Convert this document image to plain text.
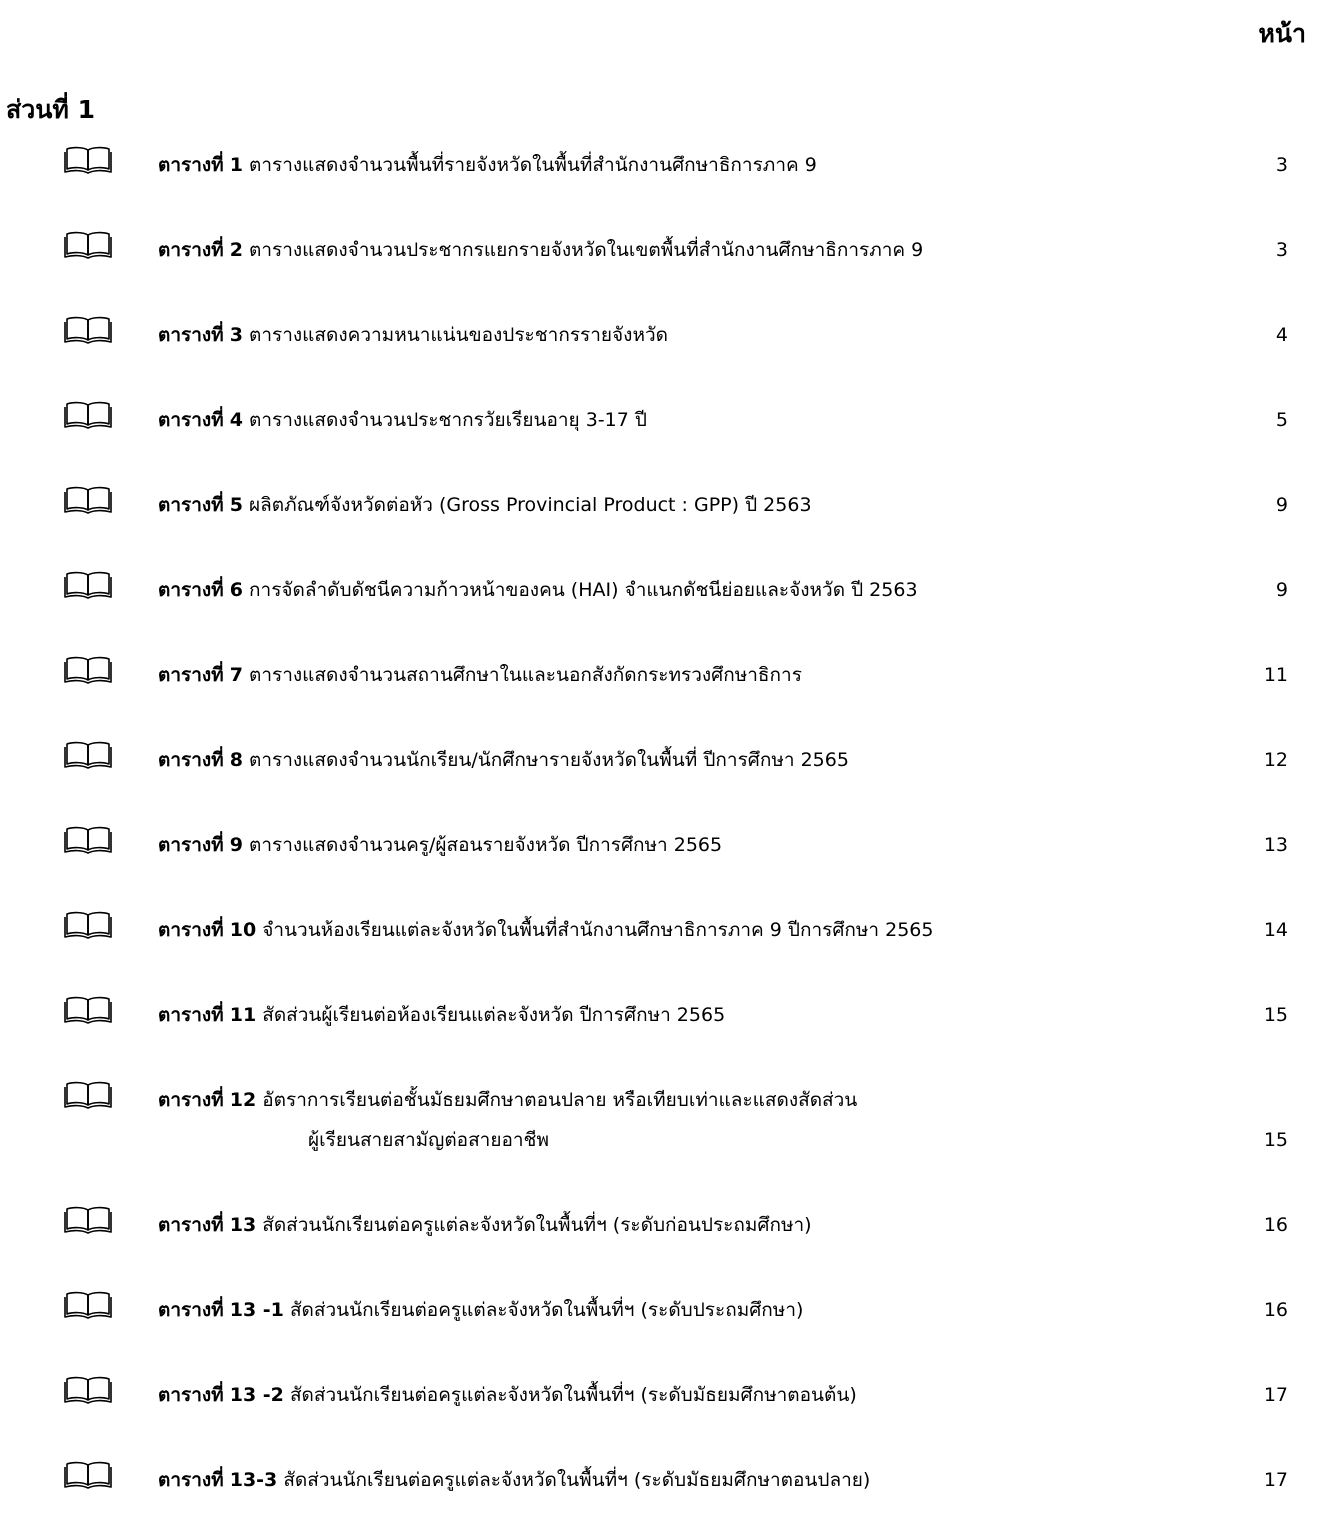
หน้า
ส่วนที่ 1
ตารางที่ 1 ตารางแสดงจำนวนพื้นที่รายจังหวัดในพื้นที่สำนักงานศึกษาธิการภาค 9	3
ตารางที่ 2 ตารางแสดงจำนวนประชากรแยกรายจังหวัดในเขตพื้นที่สำนักงานศึกษาธิการภาค 9	3
ตารางที่ 3 ตารางแสดงความหนาแน่นของประชากรรายจังหวัด	4
ตารางที่ 4 ตารางแสดงจำนวนประชากรวัยเรียนอายุ 3-17 ปี	5
ตารางที่ 5 ผลิตภัณฑ์จังหวัดต่อหัว (Gross Provincial Product : GPP) ปี 2563	9
ตารางที่ 6 การจัดลำดับดัชนีความก้าวหน้าของคน (HAI) จำแนกดัชนีย่อยและจังหวัด ปี 2563	9
ตารางที่ 7 ตารางแสดงจำนวนสถานศึกษาในและนอกสังกัดกระทรวงศึกษาธิการ	11
ตารางที่ 8 ตารางแสดงจำนวนนักเรียน/นักศึกษารายจังหวัดในพื้นที่ ปีการศึกษา 2565	12
ตารางที่ 9 ตารางแสดงจำนวนครู/ผู้สอนรายจังหวัด ปีการศึกษา 2565	13
ตารางที่ 10 จำนวนห้องเรียนแต่ละจังหวัดในพื้นที่สำนักงานศึกษาธิการภาค 9 ปีการศึกษา 2565	14
ตารางที่ 11 สัดส่วนผู้เรียนต่อห้องเรียนแต่ละจังหวัด ปีการศึกษา 2565	15
ตารางที่ 12 อัตราการเรียนต่อชั้นมัธยมศึกษาตอนปลาย หรือเทียบเท่าและแสดงสัดส่วน
ผู้เรียนสายสามัญต่อสายอาชีพ	15
ตารางที่ 13 สัดส่วนนักเรียนต่อครูแต่ละจังหวัดในพื้นที่ฯ (ระดับก่อนประถมศึกษา)	16
ตารางที่ 13 -1 สัดส่วนนักเรียนต่อครูแต่ละจังหวัดในพื้นที่ฯ (ระดับประถมศึกษา)	16
ตารางที่ 13 -2 สัดส่วนนักเรียนต่อครูแต่ละจังหวัดในพื้นที่ฯ (ระดับมัธยมศึกษาตอนต้น)	17
ตารางที่ 13-3 สัดส่วนนักเรียนต่อครูแต่ละจังหวัดในพื้นที่ฯ (ระดับมัธยมศึกษาตอนปลาย)	17
